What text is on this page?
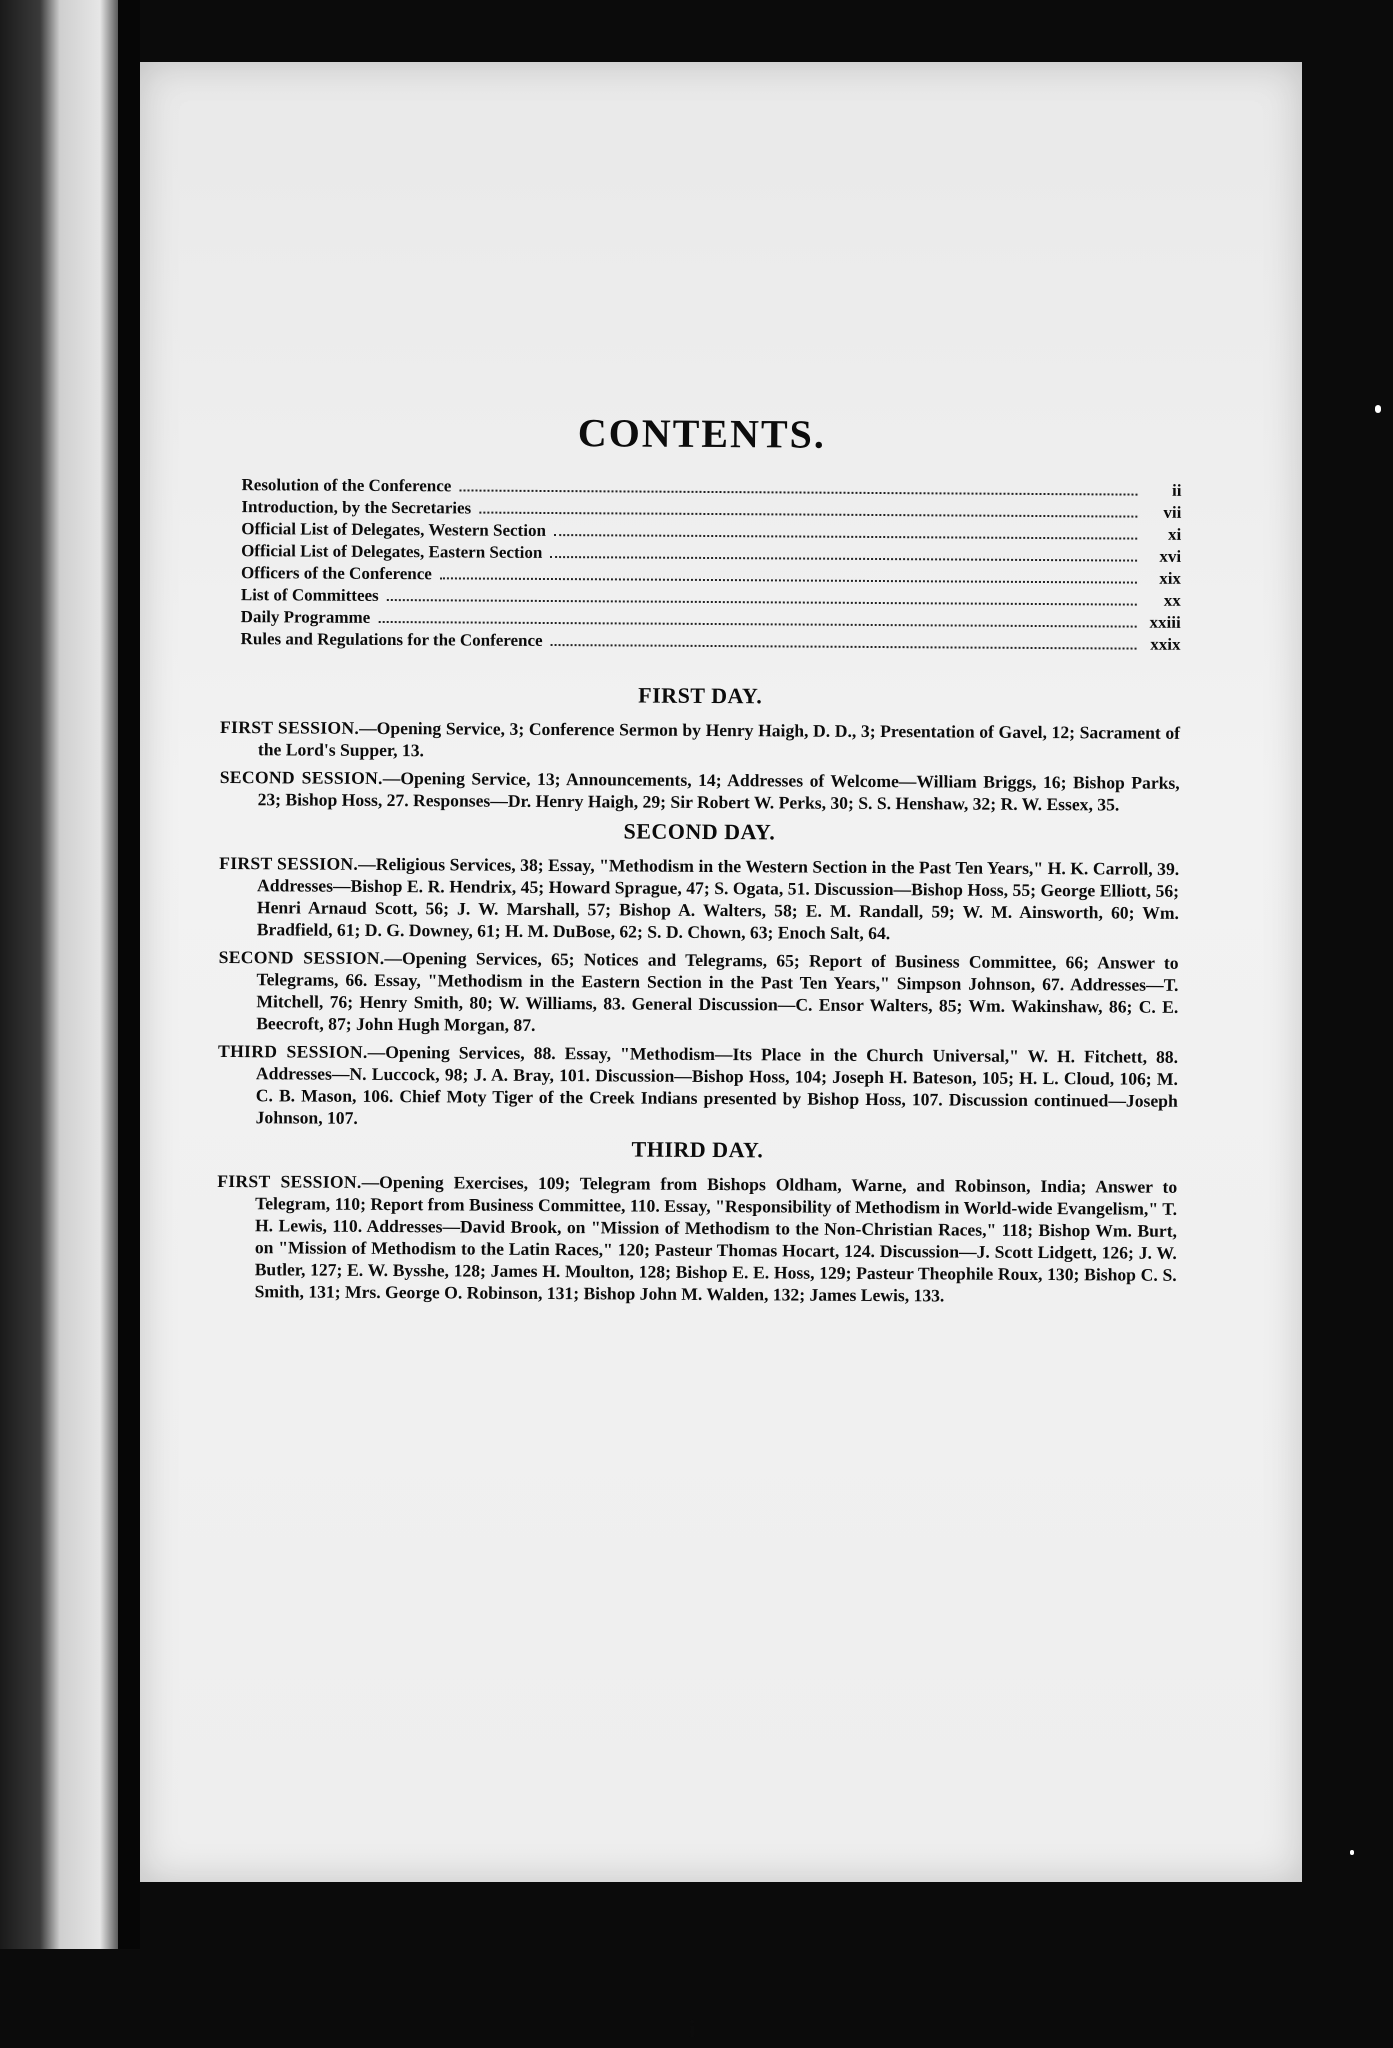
CONTENTS.
Resolution of the Conference	ii
Introduction, by the Secretaries	vii
Official List of Delegates, Western Section	xi
Official List of Delegates, Eastern Section	xvi
Officers of the Conference	xix
List of Committees	xx
Daily Programme	xxiii
Rules and Regulations for the Conference	xxix
FIRST DAY.

FIRST SESSION.—Opening Service, 3; Conference Sermon by Henry Haigh, D. D., 3; Presentation of Gavel, 12; Sacrament of the Lord's Supper, 13.

SECOND SESSION.—Opening Service, 13; Announcements, 14; Addresses of Welcome—William Briggs, 16; Bishop Parks, 23; Bishop Hoss, 27. Responses—Dr. Henry Haigh, 29; Sir Robert W. Perks, 30; S. S. Henshaw, 32; R. W. Essex, 35.

SECOND DAY.

FIRST SESSION.—Religious Services, 38; Essay, "Methodism in the Western Section in the Past Ten Years," H. K. Carroll, 39. Addresses—Bishop E. R. Hendrix, 45; Howard Sprague, 47; S. Ogata, 51. Discussion—Bishop Hoss, 55; George Elliott, 56; Henri Arnaud Scott, 56; J. W. Marshall, 57; Bishop A. Walters, 58; E. M. Randall, 59; W. M. Ainsworth, 60; Wm. Bradfield, 61; D. G. Downey, 61; H. M. DuBose, 62; S. D. Chown, 63; Enoch Salt, 64.

SECOND SESSION.—Opening Services, 65; Notices and Telegrams, 65; Report of Business Committee, 66; Answer to Telegrams, 66. Essay, "Methodism in the Eastern Section in the Past Ten Years," Simpson Johnson, 67. Addresses—T. Mitchell, 76; Henry Smith, 80; W. Williams, 83. General Discussion—C. Ensor Walters, 85; Wm. Wakinshaw, 86; C. E. Beecroft, 87; John Hugh Morgan, 87.

THIRD SESSION.—Opening Services, 88. Essay, "Methodism—Its Place in the Church Universal," W. H. Fitchett, 88. Addresses—N. Luccock, 98; J. A. Bray, 101. Discussion—Bishop Hoss, 104; Joseph H. Bateson, 105; H. L. Cloud, 106; M. C. B. Mason, 106. Chief Moty Tiger of the Creek Indians presented by Bishop Hoss, 107. Discussion continued—Joseph Johnson, 107.

THIRD DAY.

FIRST SESSION.—Opening Exercises, 109; Telegram from Bishops Oldham, Warne, and Robinson, India; Answer to Telegram, 110; Report from Business Committee, 110. Essay, "Responsibility of Methodism in World-wide Evangelism," T. H. Lewis, 110. Addresses—David Brook, on "Mission of Methodism to the Non-Christian Races," 118; Bishop Wm. Burt, on "Mission of Methodism to the Latin Races," 120; Pasteur Thomas Hocart, 124. Discussion—J. Scott Lidgett, 126; J. W. Butler, 127; E. W. Bysshe, 128; James H. Moulton, 128; Bishop E. E. Hoss, 129; Pasteur Theophile Roux, 130; Bishop C. S. Smith, 131; Mrs. George O. Robinson, 131; Bishop John M. Walden, 132; James Lewis, 133.

i
